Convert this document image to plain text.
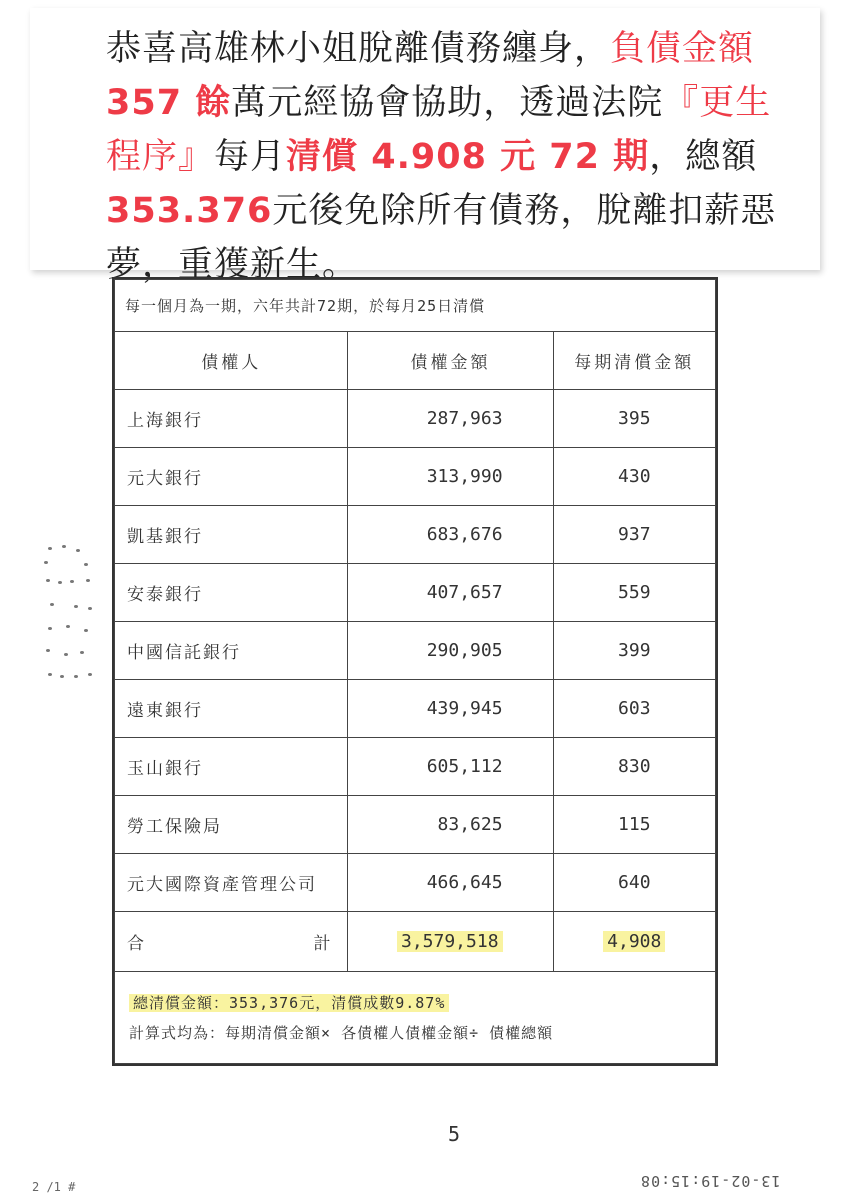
恭喜高雄林小姐脫離債務纏身，負債金額357 餘萬元經協會協助，透過法院『更生程序』每月清償 4.908 元 72 期，總額353.376元後免除所有債務，脫離扣薪惡夢，重獲新生。
每一個月為一期，六年共計72期，於每月25日清償		
債權人	債權金額	每期清償金額
上海銀行	287,963	395
元大銀行	313,990	430
凱基銀行	683,676	937
安泰銀行	407,657	559
中國信託銀行	290,905	399
遠東銀行	439,945	603
玉山銀行	605,112	830
勞工保險局	83,625	115
元大國際資產管理公司	466,645	640

合 計	3,579,518	4,908

總清償金額：353,376元，清償成數9.87%
計算式均為：每期清償金額× 各債權人債權金額÷ 債權總額		
5
2 /1 #	13-02-19:15:08
